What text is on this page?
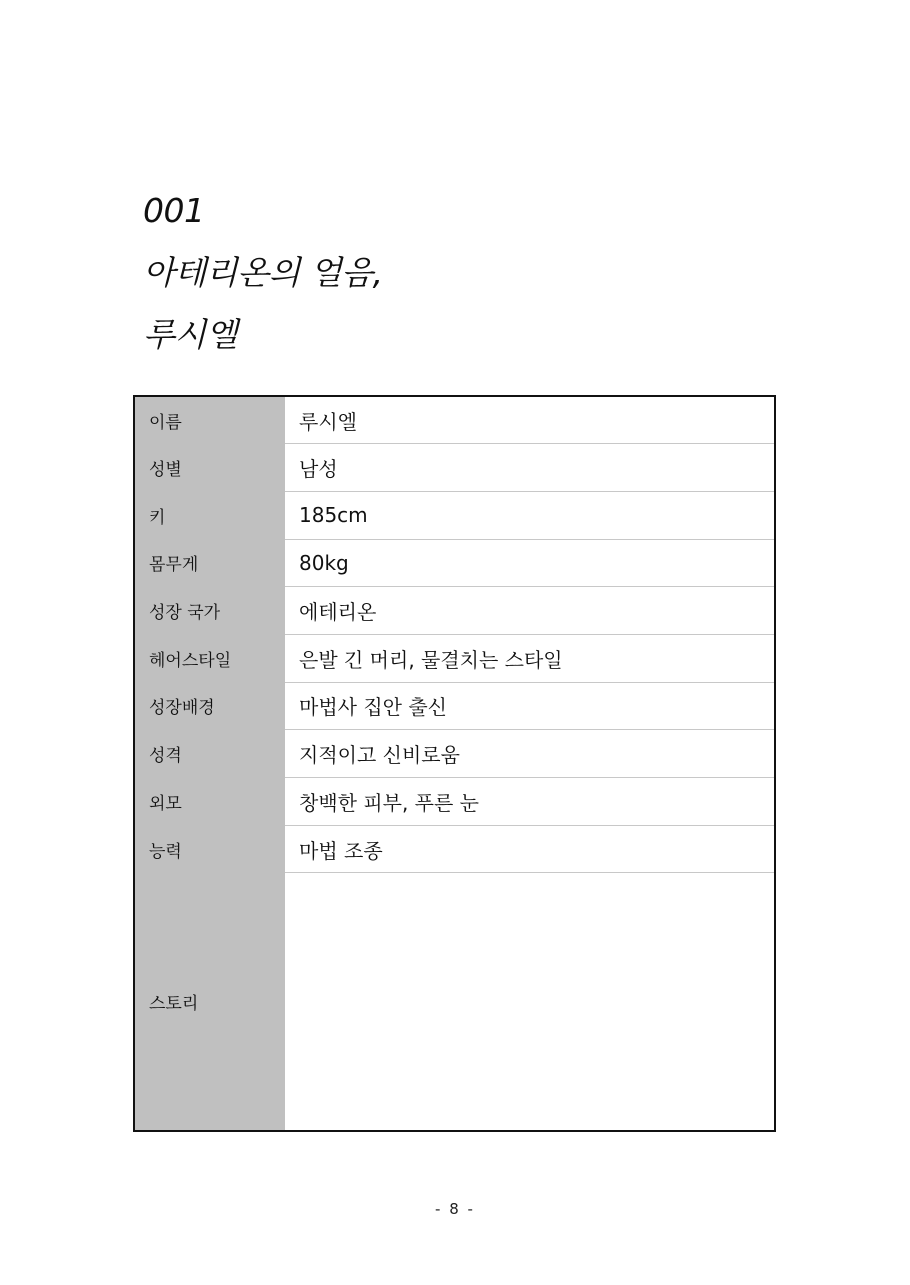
001
아테리온의 얼음,
루시엘
이름	루시엘
성별	남성
키	185cm
몸무게	80kg
성장 국가	에테리온
헤어스타일	은발 긴 머리, 물결치는 스타일
성장배경	마법사 집안 출신
성격	지적이고 신비로움
외모	창백한 피부, 푸른 눈
능력	마법 조종
스토리	
- 8 -
